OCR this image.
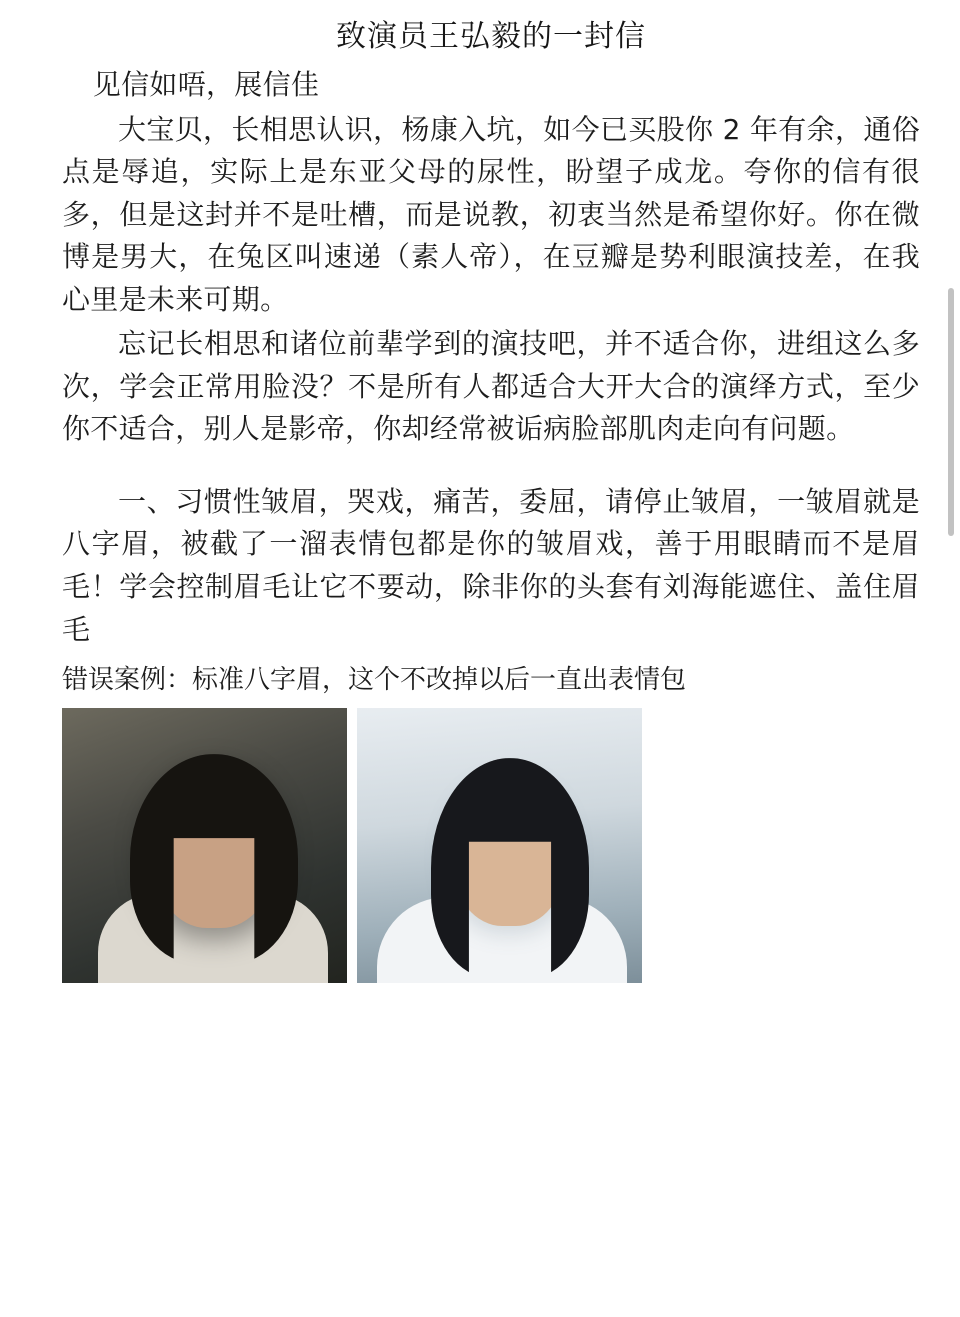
致演员王弘毅的一封信

见信如唔，展信佳

大宝贝，长相思认识，杨康入坑，如今已买股你 2 年有余，通俗点是辱追，实际上是东亚父母的尿性，盼望子成龙。夸你的信有很多，但是这封并不是吐槽，而是说教，初衷当然是希望你好。你在微博是男大，在兔区叫速递（素人帝），在豆瓣是势利眼演技差，在我心里是未来可期。

忘记长相思和诸位前辈学到的演技吧，并不适合你，进组这么多次，学会正常用脸没？不是所有人都适合大开大合的演绎方式，至少你不适合，别人是影帝，你却经常被诟病脸部肌肉走向有问题。

一、习惯性皱眉，哭戏，痛苦，委屈，请停止皱眉，一皱眉就是八字眉，被截了一溜表情包都是你的皱眉戏，善于用眼睛而不是眉毛！学会控制眉毛让它不要动，除非你的头套有刘海能遮住、盖住眉毛

错误案例：标准八字眉，这个不改掉以后一直出表情包
